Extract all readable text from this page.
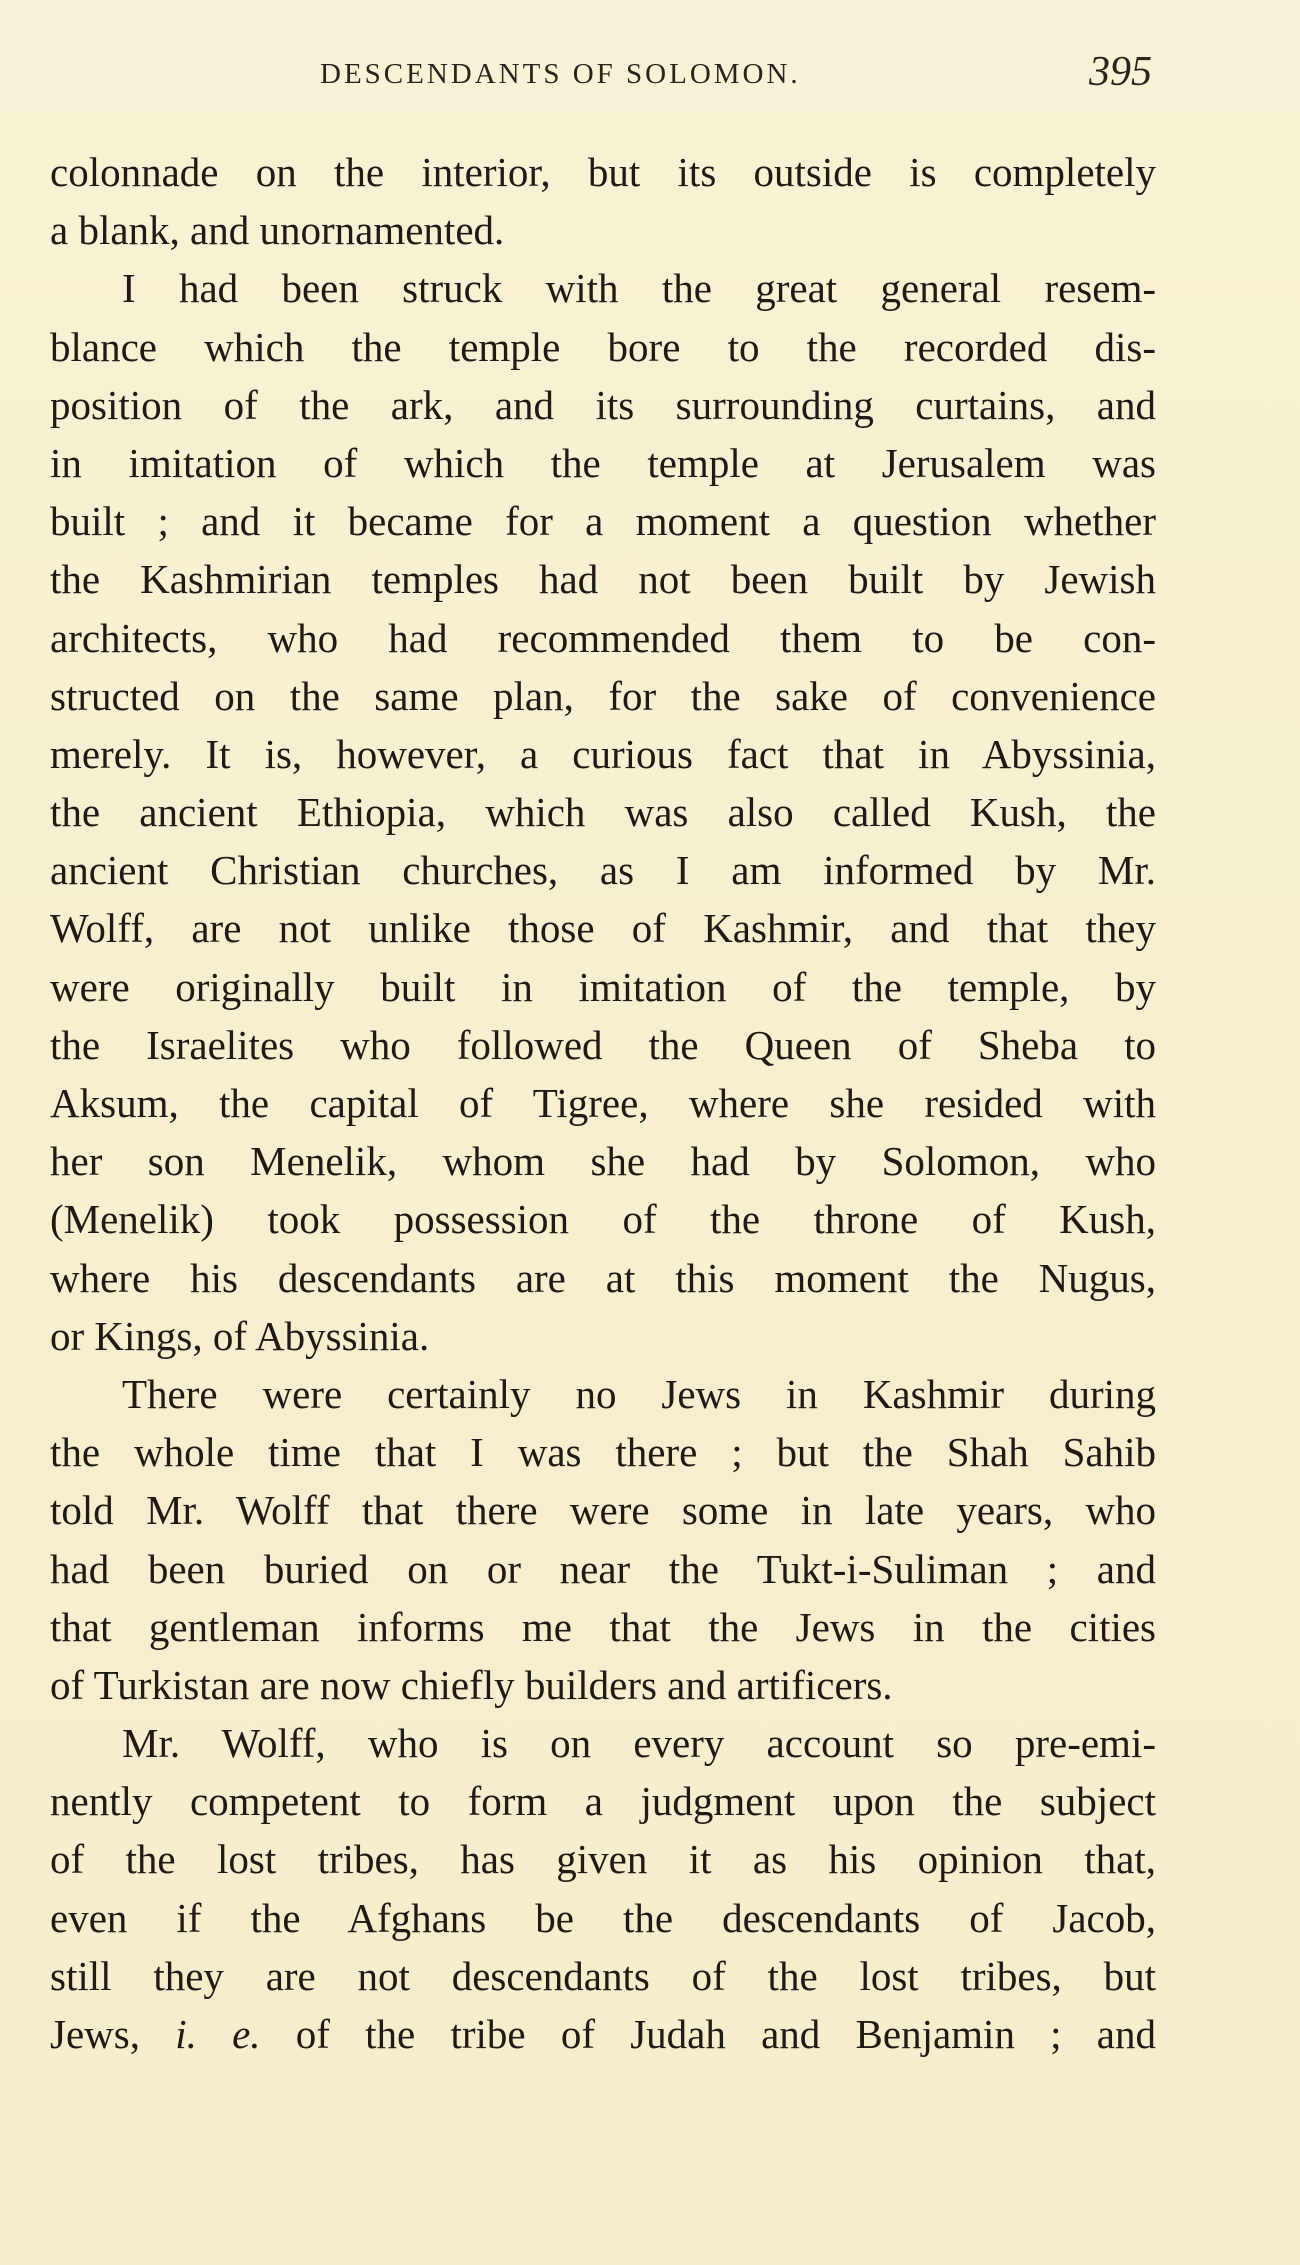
DESCENDANTS OF SOLOMON.	395
colonnade on the interior, but its outside is completely
a blank, and unornamented.
I had been struck with the great general resem-
blance which the temple bore to the recorded dis-
position of the ark, and its surrounding curtains, and
in imitation of which the temple at Jerusalem was
built ; and it became for a moment a question whether
the Kashmirian temples had not been built by Jewish
architects, who had recommended them to be con-
structed on the same plan, for the sake of convenience
merely. It is, however, a curious fact that in Abyssinia,
the ancient Ethiopia, which was also called Kush, the
ancient Christian churches, as I am informed by Mr.
Wolff, are not unlike those of Kashmir, and that they
were originally built in imitation of the temple, by
the Israelites who followed the Queen of Sheba to
Aksum, the capital of Tigree, where she resided with
her son Menelik, whom she had by Solomon, who
(Menelik) took possession of the throne of Kush,
where his descendants are at this moment the Nugus,
or Kings, of Abyssinia.
There were certainly no Jews in Kashmir during
the whole time that I was there ; but the Shah Sahib
told Mr. Wolff that there were some in late years, who
had been buried on or near the Tukt-i-Suliman ; and
that gentleman informs me that the Jews in the cities
of Turkistan are now chiefly builders and artificers.
Mr. Wolff, who is on every account so pre-emi-
nently competent to form a judgment upon the subject
of the lost tribes, has given it as his opinion that,
even if the Afghans be the descendants of Jacob,
still they are not descendants of the lost tribes, but
Jews, i. e. of the tribe of Judah and Benjamin ; and
